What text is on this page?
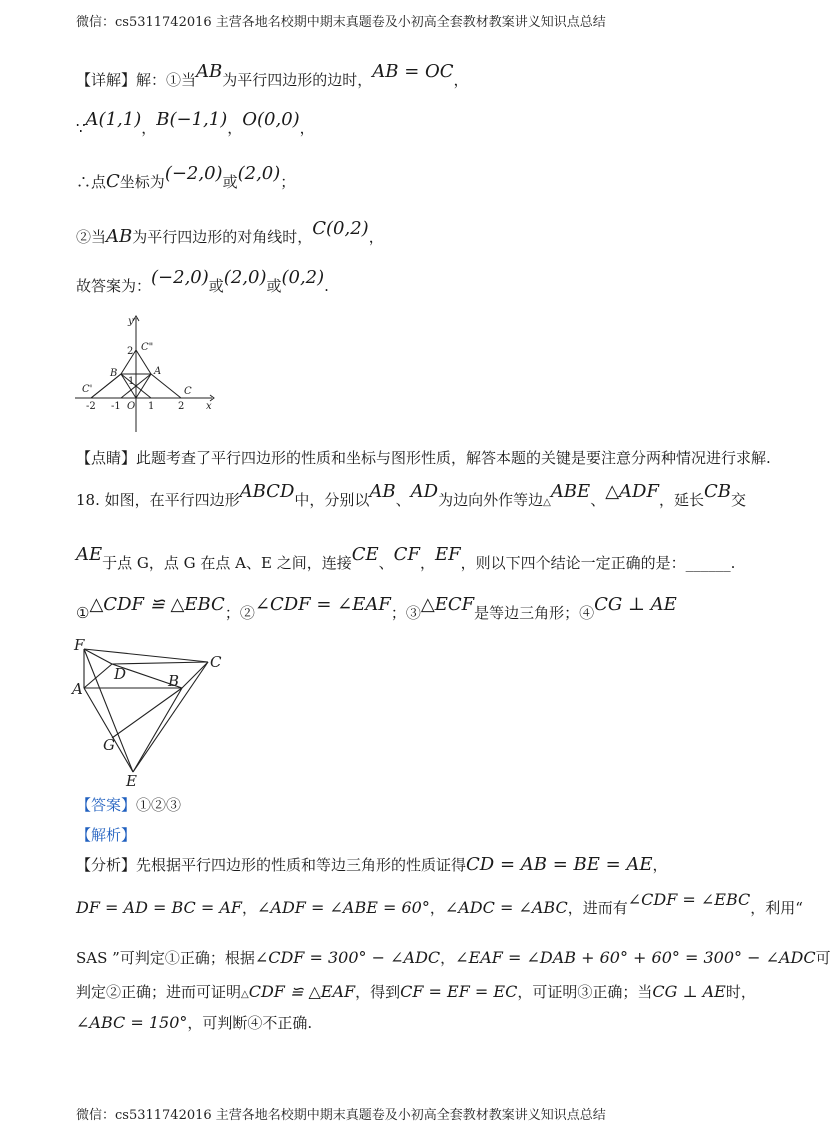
微信：cs5311742016 主营各地名校期中期末真题卷及小初高全套教材教案讲义知识点总结
【详解】解：①当AB为平行四边形的边时，AB = OC，
∵A(1,1)，B(−1,1)，O(0,0)，
∴点C坐标为(−2,0)或(2,0)；
②当AB为平行四边形的对角线时，C(0,2)，
故答案为：(−2,0)或(2,0)或(0,2).
y
x
O
C"
C'	C
A
B
2
1
-2 -1	1 2
【点睛】此题考查了平行四边形的性质和坐标与图形性质，解答本题的关键是要注意分两种情况进行求解.
18. 如图，在平行四边形ABCD中，分别以AB、AD为边向外作等边△ABE、△ADF，延长CB交
AE于点 G，点 G 在点 A、E 之间，连接CE、CF，EF，则以下四个结论一定正确的是：______.
①△CDF ≌ △EBC；②∠CDF = ∠EAF；③△ECF是等边三角形；④CG ⊥ AE
F
C
D	B
A
G
E
【答案】①②③
【解析】
【分析】先根据平行四边形的性质和等边三角形的性质证得CD = AB = BE = AE，
DF = AD = BC = AF，∠ADF = ∠ABE = 60°，∠ADC = ∠ABC，进而有∠CDF = ∠EBC，利用“
SAS ”可判定①正确；根据∠CDF = 300° − ∠ADC，∠EAF = ∠DAB + 60° + 60° = 300° − ∠ADC可
判定②正确；进而可证明△CDF ≌ △EAF，得到CF = EF = EC，可证明③正确；当CG ⊥ AE时，
∠ABC = 150°，可判断④不正确.
微信：cs5311742016 主营各地名校期中期末真题卷及小初高全套教材教案讲义知识点总结
